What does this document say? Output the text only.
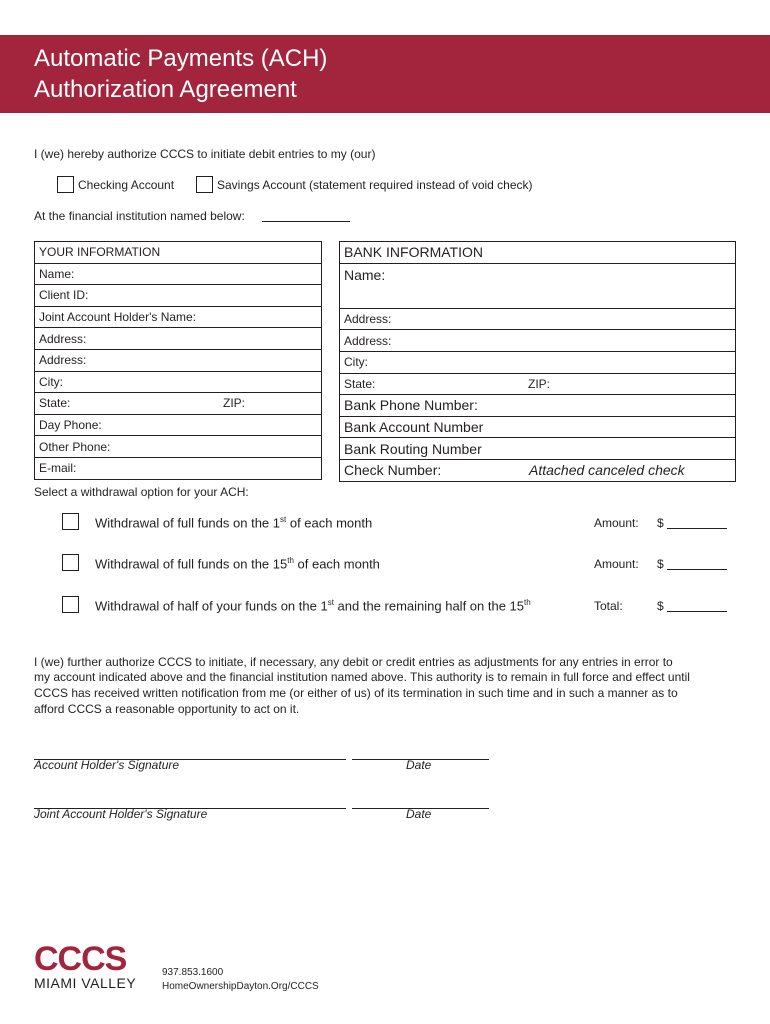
Automatic Payments (ACH)
Authorization Agreement
I (we) hereby authorize CCCS to initiate debit entries to my (our)
Checking Account	Savings Account (statement required instead of void check)
At the financial institution named below:
YOUR INFORMATION
Name:
Client ID:
Joint Account Holder's Name:
Address:
Address:
City:
State:	ZIP:

Day Phone:
Other Phone:
E-mail:
BANK INFORMATION
Name:
Address:
Address:
City:
State:	ZIP:

Bank Phone Number:
Bank Account Number
Bank Routing Number
Check Number:	Attached canceled check
Select a withdrawal option for your ACH:
Withdrawal of full funds on the 1st of each month	Amount: $
Withdrawal of full funds on the 15th of each month	Amount: $
Withdrawal of half of your funds on the 1st and the remaining half on the 15th	Total:	$
I (we) further authorize CCCS to initiate, if necessary, any debit or credit entries as adjustments for any entries in error to
my account indicated above and the financial institution named above. This authority is to remain in full force and effect until
CCCS has received written notification from me (or either of us) of its termination in such time and in such a manner as to
afford CCCS a reasonable opportunity to act on it.
Account Holder's Signature	Date
Joint Account Holder's Signature	Date
CCCS
MIAMI VALLEY
937.853.1600
HomeOwnershipDayton.Org/CCCS
